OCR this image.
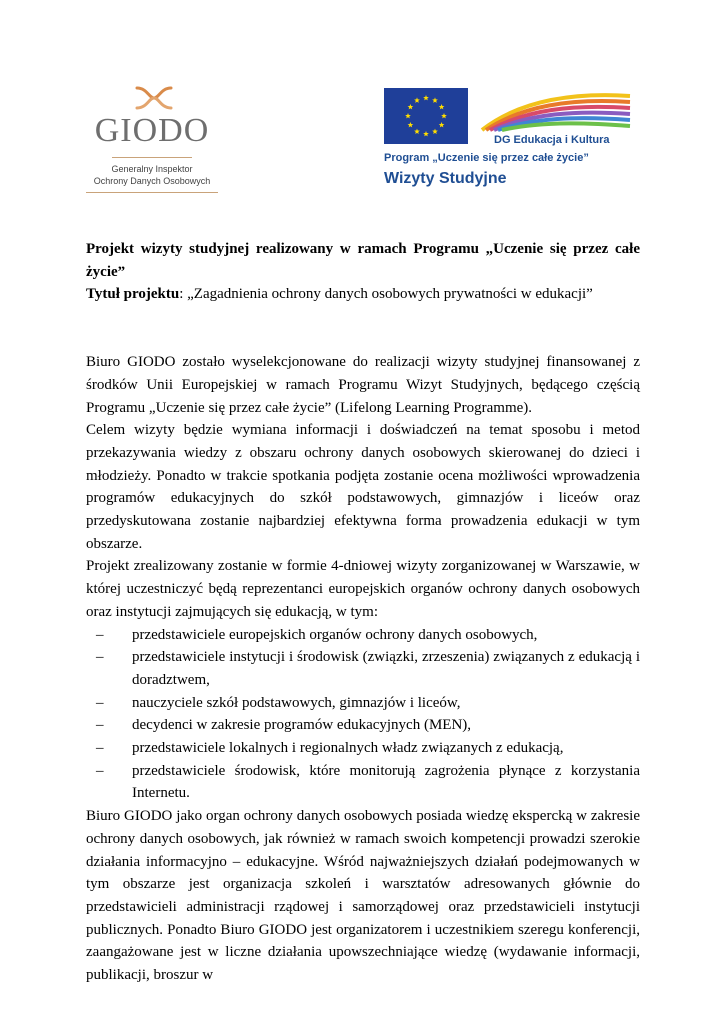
GIODO
Generalny Inspektor
Ochrony Danych Osobowych
DG Edukacja i Kultura
Program „Uczenie się przez całe życie”
Wizyty Studyjne

Projekt wizyty studyjnej realizowany w ramach Programu „Uczenie się przez całe życie”

Tytuł projektu: „Zagadnienia ochrony danych osobowych prywatności w edukacji”

Biuro GIODO zostało wyselekcjonowane do realizacji wizyty studyjnej finansowanej z środków Unii Europejskiej w ramach Programu Wizyt Studyjnych, będącego częścią Programu „Uczenie się przez całe życie” (Lifelong Learning Programme).

Celem wizyty będzie wymiana informacji i doświadczeń na temat sposobu i metod przekazywania wiedzy z obszaru ochrony danych osobowych skierowanej do dzieci i młodzieży. Ponadto w trakcie spotkania podjęta zostanie ocena możliwości wprowadzenia programów edukacyjnych do szkół podstawowych, gimnazjów i liceów oraz przedyskutowana zostanie najbardziej efektywna forma prowadzenia edukacji w tym obszarze.

Projekt zrealizowany zostanie w formie 4-dniowej wizyty zorganizowanej w Warszawie, w której uczestniczyć będą reprezentanci europejskich organów ochrony danych osobowych oraz instytucji zajmujących się edukacją, w tym:

– przedstawiciele europejskich organów ochrony danych osobowych,
– przedstawiciele instytucji i środowisk (związki, zrzeszenia) związanych z edukacją i doradztwem,
– nauczyciele szkół podstawowych, gimnazjów i liceów,
– decydenci w zakresie programów edukacyjnych (MEN),
– przedstawiciele lokalnych i regionalnych władz związanych z edukacją,
– przedstawiciele środowisk, które monitorują zagrożenia płynące z korzystania Internetu.

Biuro GIODO jako organ ochrony danych osobowych posiada wiedzę ekspercką w zakresie ochrony danych osobowych, jak również w ramach swoich kompetencji prowadzi szerokie działania informacyjno – edukacyjne. Wśród najważniejszych działań podejmowanych w tym obszarze jest organizacja szkoleń i warsztatów adresowanych głównie do przedstawicieli administracji rządowej i samorządowej oraz przedstawicieli instytucji publicznych. Ponadto Biuro GIODO jest organizatorem i uczestnikiem szeregu konferencji, zaangażowane jest w liczne działania upowszechniające wiedzę (wydawanie informacji, publikacji, broszur w
